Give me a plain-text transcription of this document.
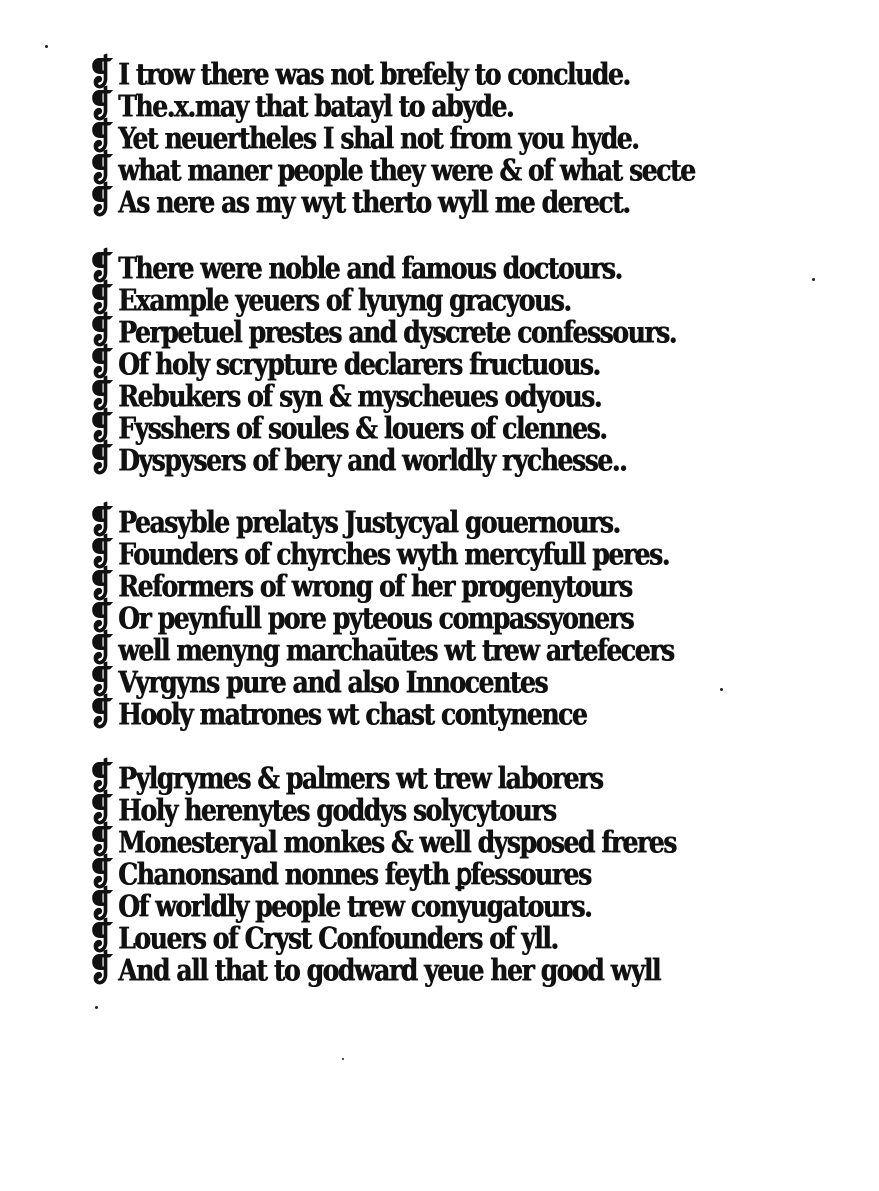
❡ I trow there was not brefely to conclude.
❡ The.x.may that batayl to abyde.
❡ Yet neuertheles I shal not from you hyde.
❡ what maner people they were & of what secte
❡ As nere as my wyt therto wyll me derect.
❡ There were noble and famous doctours.
❡ Example yeuers of lyuyng gracyous.
❡ Perpetuel prestes and dyscrete confessours.
❡ Of holy scrypture declarers fructuous.
❡ Rebukers of syn & myscheues odyous.
❡ Fysshers of soules & louers of clennes.
❡ Dyspysers of bery and worldly rychesse..
❡ Peasyble prelatys Justycyal gouernours.
❡ Founders of chyrches wyth mercyfull peres.
❡ Reformers of wrong of her progenytours
❡ Or peynfull pore pyteous compassyoners
❡ well menyng marchaūtes wt trew artefecers
❡ Vyrgyns pure and also Innocentes
❡ Hooly matrones wt chast contynence
❡ Pylgrymes & palmers wt trew laborers
❡ Holy herenytes goddys solycytours
❡ Monesteryal monkes & well dysposed freres
❡ Chanonsand nonnes feyth ꝑfessoures
❡ Of worldly people trew conyugatours.
❡ Louers of Cryst Confounders of yll.
❡ And all that to godward yeue her good wyll
